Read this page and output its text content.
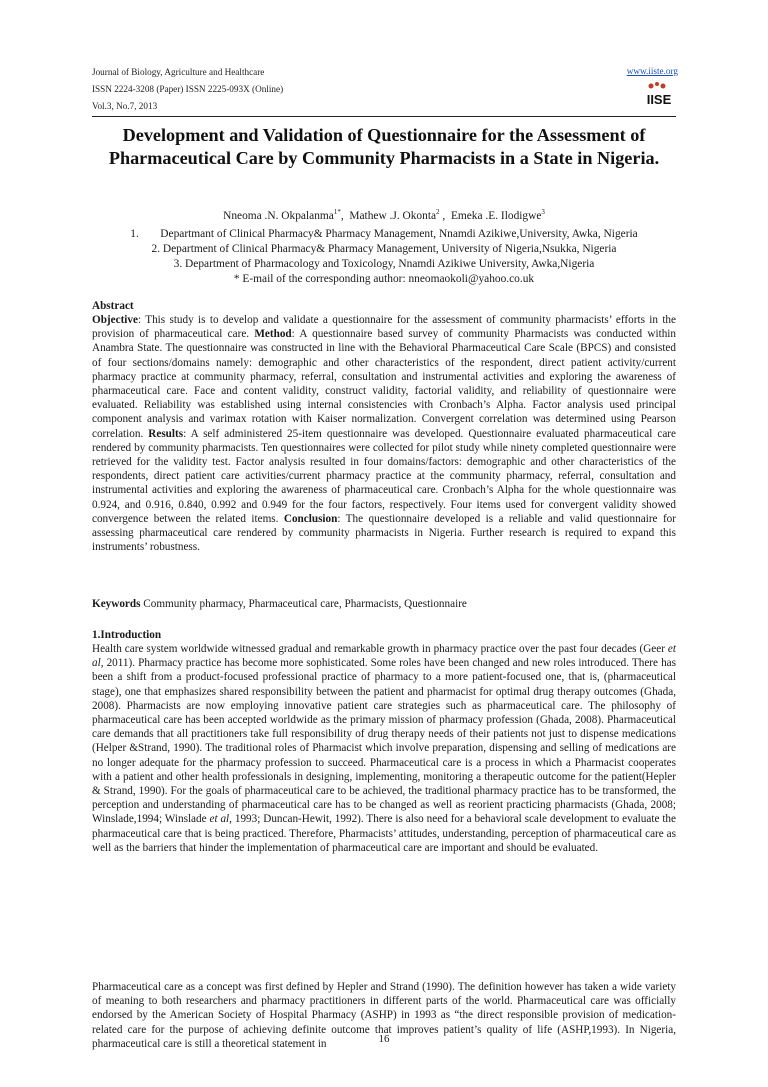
Journal of Biology, Agriculture and Healthcare
ISSN 2224-3208 (Paper) ISSN 2225-093X (Online)
Vol.3, No.7, 2013
www.iiste.org
IISE
Development and Validation of Questionnaire for the Assessment of Pharmaceutical Care by Community Pharmacists in a State in Nigeria.
Nneoma .N. Okpalanma$^{1*}$,  Mathew .J. Okonta$^2$ ,  Emeka .E. Ilodigwe$^3$
1. Departmant of Clinical Pharmacy& Pharmacy Management, Nnamdi Azikiwe,University, Awka, Nigeria
2. Department of Clinical Pharmacy& Pharmacy Management, University of Nigeria,Nsukka, Nigeria
3. Department of Pharmacology and Toxicology, Nnamdi Azikiwe University, Awka,Nigeria
* E-mail of the corresponding author: nneomaokoli@yahoo.co.uk
Abstract
Objective: This study is to develop and validate a questionnaire for the assessment of community pharmacists’ efforts in the provision of pharmaceutical care. Method: A questionnaire based survey of community Pharmacists was conducted within Anambra State. The questionnaire was constructed in line with the Behavioral Pharmaceutical Care Scale (BPCS) and consisted of four sections/domains namely: demographic and other characteristics of the respondent, direct patient activity/current pharmacy practice at community pharmacy, referral, consultation and instrumental activities and exploring the awareness of pharmaceutical care. Face and content validity, construct validity, factorial validity, and reliability of questionnaire were evaluated. Reliability was established using internal consistencies with Cronbach’s Alpha. Factor analysis used principal component analysis and varimax rotation with Kaiser normalization. Convergent correlation was determined using Pearson correlation. Results: A self administered 25-item questionnaire was developed. Questionnaire evaluated pharmaceutical care rendered by community pharmacists. Ten questionnaires were collected for pilot study while ninety completed questionnaire were retrieved for the validity test. Factor analysis resulted in four domains/factors: demographic and other characteristics of the respondents, direct patient care activities/current pharmacy practice at the community pharmacy, referral, consultation and instrumental activities and exploring the awareness of pharmaceutical care. Cronbach’s Alpha for the whole questionnaire was 0.924, and 0.916, 0.840, 0.992 and 0.949 for the four factors, respectively. Four items used for convergent validity showed convergence between the related items. Conclusion: The questionnaire developed is a reliable and valid questionnaire for assessing pharmaceutical care rendered by community pharmacists in Nigeria. Further research is required to expand this instruments’ robustness.
Keywords Community pharmacy, Pharmaceutical care, Pharmacists, Questionnaire
1.Introduction
Health care system worldwide witnessed gradual and remarkable growth in pharmacy practice over the past four decades (Geer et al, 2011). Pharmacy practice has become more sophisticated. Some roles have been changed and new roles introduced. There has been a shift from a product-focused professional practice of pharmacy to a more patient-focused one, that is, (pharmaceutical stage), one that emphasizes shared responsibility between the patient and pharmacist for optimal drug therapy outcomes (Ghada, 2008). Pharmacists are now employing innovative patient care strategies such as pharmaceutical care. The philosophy of pharmaceutical care has been accepted worldwide as the primary mission of pharmacy profession (Ghada, 2008). Pharmaceutical care demands that all practitioners take full responsibility of drug therapy needs of their patients not just to dispense medications (Helper &Strand, 1990). The traditional roles of Pharmacist which involve preparation, dispensing and selling of medications are no longer adequate for the pharmacy profession to succeed. Pharmaceutical care is a process in which a Pharmacist cooperates with a patient and other health professionals in designing, implementing, monitoring a therapeutic outcome for the patient(Hepler & Strand, 1990). For the goals of pharmaceutical care to be achieved, the traditional pharmacy practice has to be transformed, the perception and understanding of pharmaceutical care has to be changed as well as reorient practicing pharmacists (Ghada, 2008; Winslade,1994; Winslade et al, 1993; Duncan-Hewit, 1992). There is also need for a behavioral scale development to evaluate the pharmaceutical care that is being practiced. Therefore, Pharmacists’ attitudes, understanding, perception of pharmaceutical care as well as the barriers that hinder the implementation of pharmaceutical care are important and should be evaluated.
Pharmaceutical care as a concept was first defined by Hepler and Strand (1990). The definition however has taken a wide variety of meaning to both researchers and pharmacy practitioners in different parts of the world. Pharmaceutical care was officially endorsed by the American Society of Hospital Pharmacy (ASHP) in 1993 as “the direct responsible provision of medication-related care for the purpose of achieving definite outcome that improves patient’s quality of life (ASHP,1993). In Nigeria, pharmaceutical care is still a theoretical statement in	16
